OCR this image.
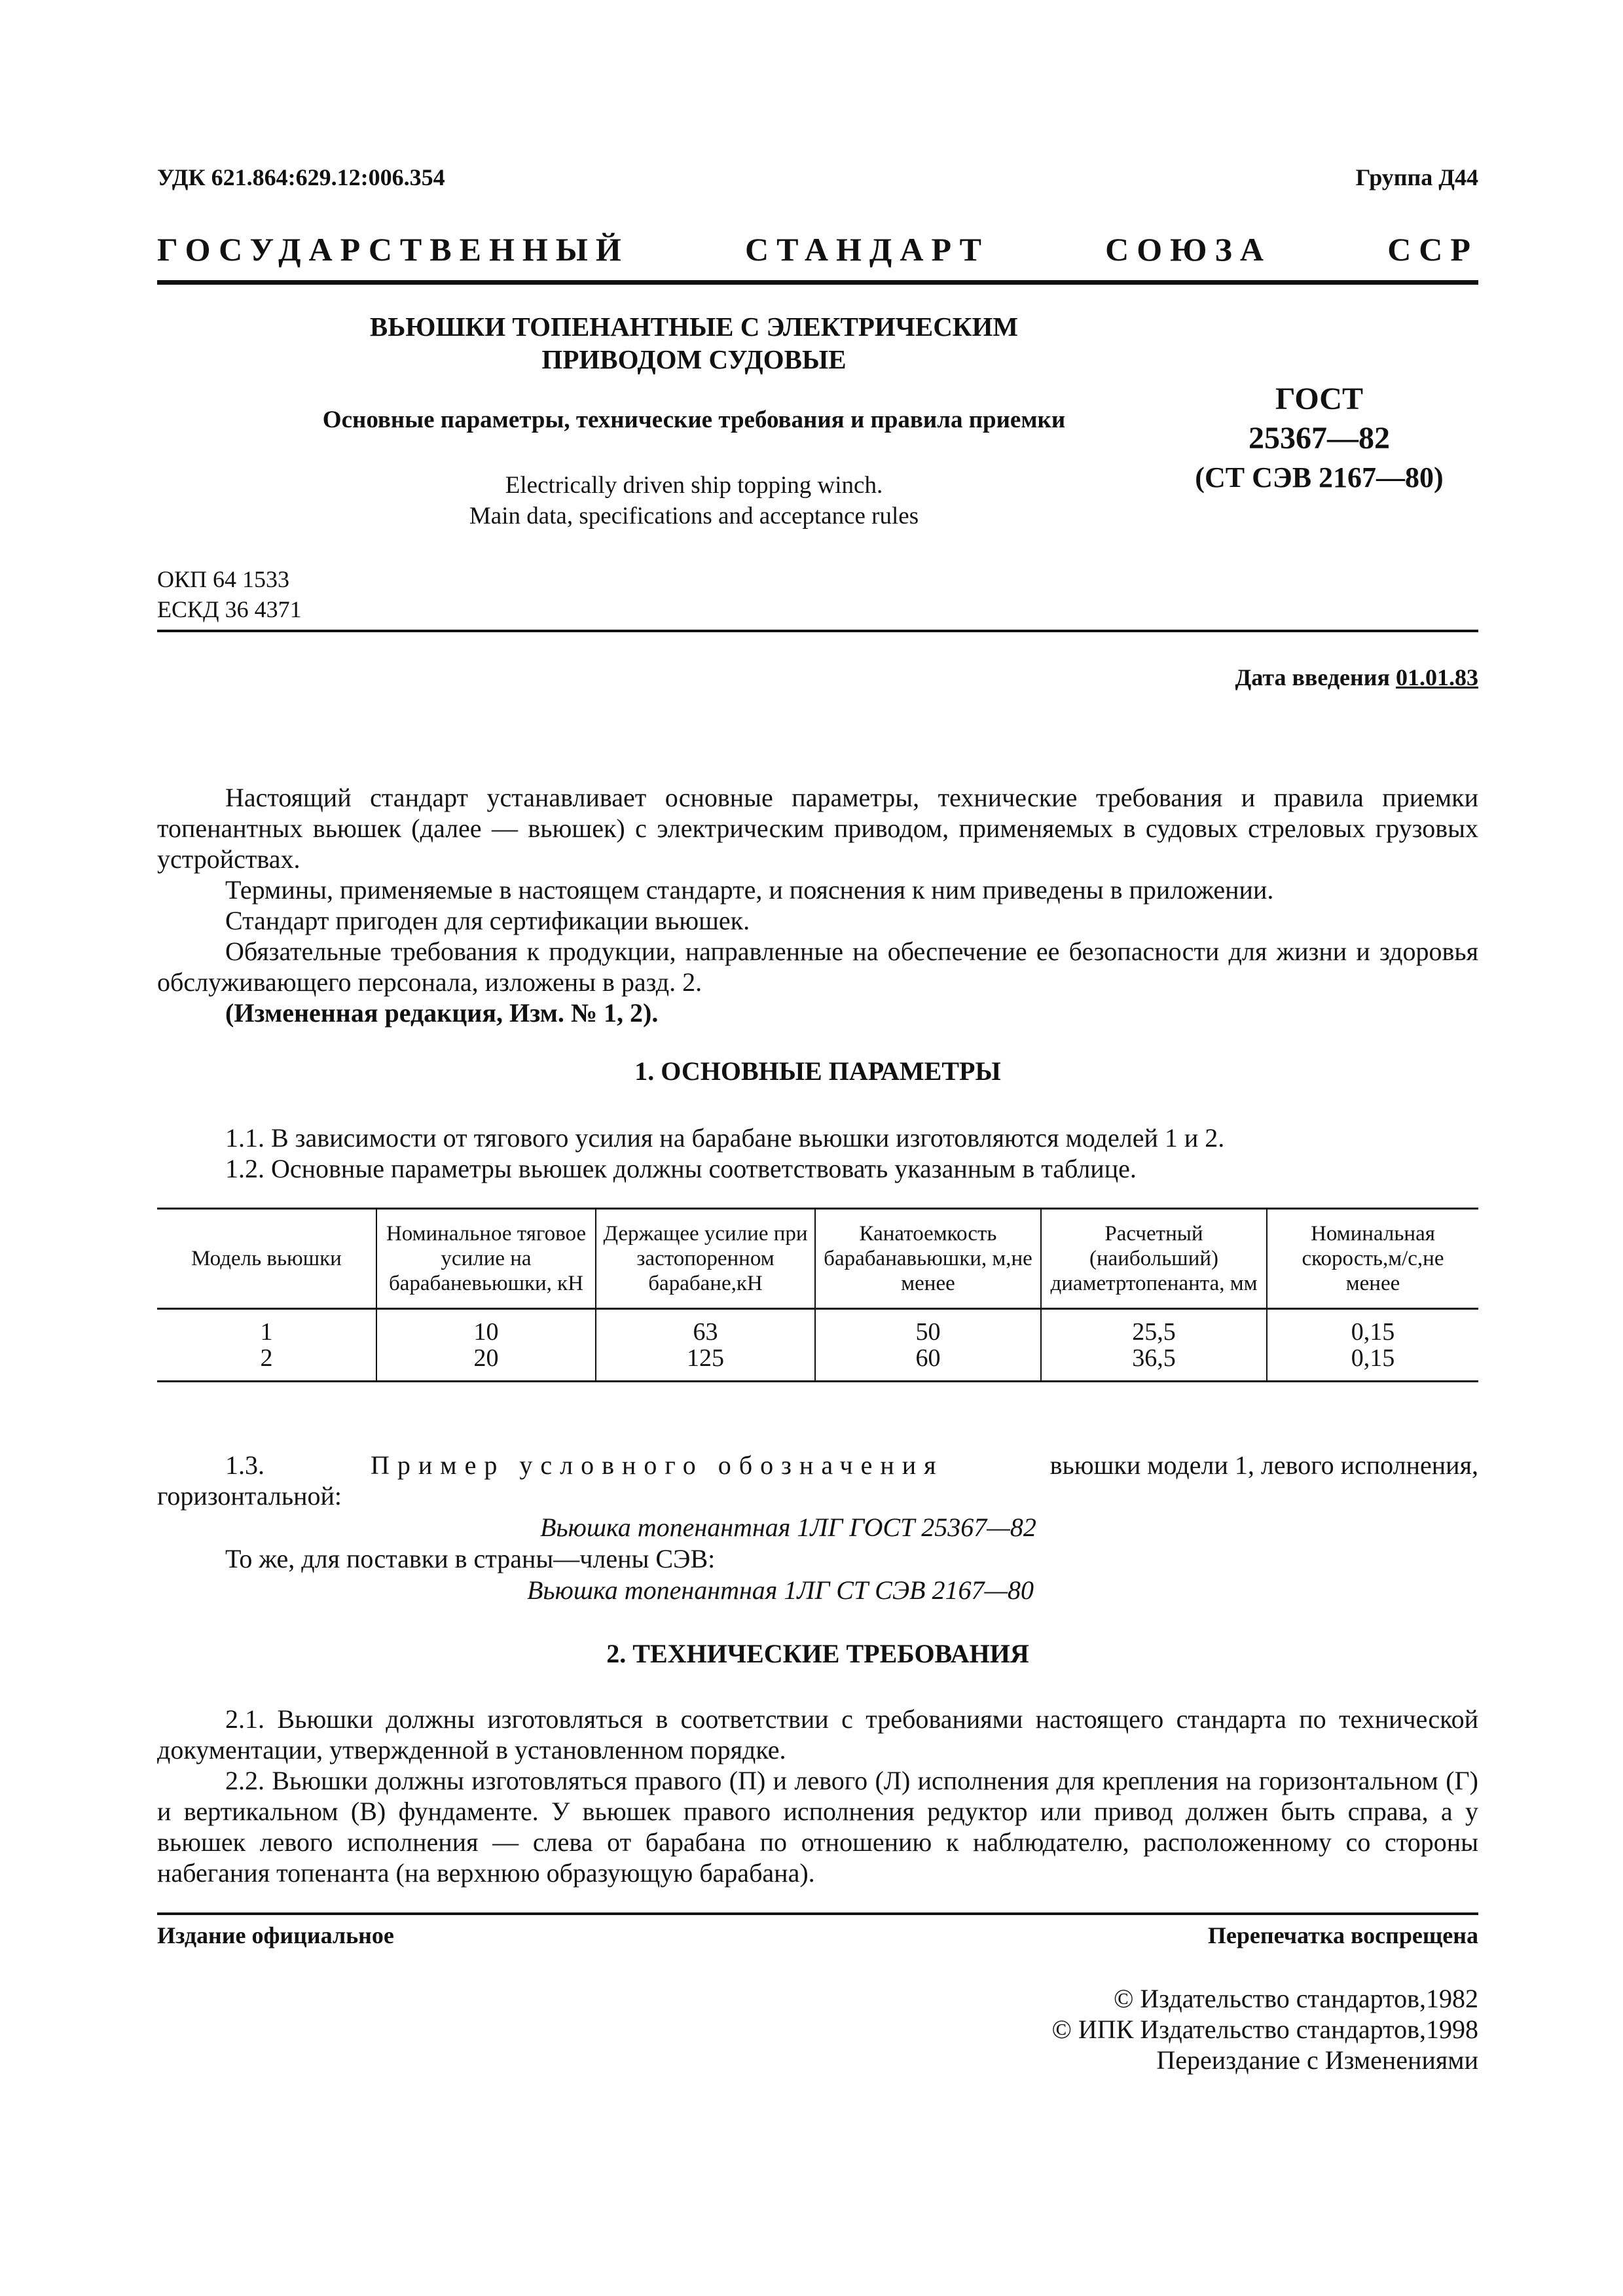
УДК 621.864:629.12:006.354	Группа Д44
ГОСУДАРСТВЕННЫЙ	СТАНДАРТ	СОЮЗА	ССР
ВЬЮШКИ ТОПЕНАНТНЫЕ С ЭЛЕКТРИЧЕСКИМ
ПРИВОДОМ СУДОВЫЕ
Основные параметры, технические требования и правила приемки
Electrically driven ship topping winch.
Main data, specifications and acceptance rules
ГОСТ
25367—82
(СТ СЭВ 2167—80)
ОКП 64 1533
ЕСКД 36 4371
Дата введения 01.01.83

Настоящий стандарт устанавливает основные параметры, технические требования и правила приемки топенантных вьюшек (далее — вьюшек) с электрическим приводом, применяемых в судовых стреловых грузовых устройствах.

Термины, применяемые в настоящем стандарте, и пояснения к ним приведены в приложении.

Стандарт пригоден для сертификации вьюшек.

Обязательные требования к продукции, направленные на обеспечение ее безопасности для жизни и здоровья обслуживающего персонала, изложены в разд. 2.

(Измененная редакция, Изм. № 1, 2).

1. ОСНОВНЫЕ ПАРАМЕТРЫ

1.1. В зависимости от тягового усилия на барабане вьюшки изготовляются моделей 1 и 2.

1.2. Основные параметры вьюшек должны соответствовать указанным в таблице.

Модель вьюшки	Номинальное тяговое усилие на барабаневьюшки, кН	Держащее усилие при застопоренном барабане,кН	Канатоемкость барабанавьюшки, м,не менее	Расчетный (наибольший) диаметртопенанта, мм	Номинальная скорость,м/с,не менее
1	10	63	50	25,5	0,15
2	20	125	60	36,5	0,15
1.3.	Пример условного обозначения	вьюшки модели 1, левого исполнения,
горизонтальной:
Вьюшка топенантная 1ЛГ ГОСТ 25367—82
То же, для поставки в страны—члены СЭВ:
Вьюшка топенантная 1ЛГ СТ СЭВ 2167—80
2. ТЕХНИЧЕСКИЕ ТРЕБОВАНИЯ

2.1. Вьюшки должны изготовляться в соответствии с требованиями настоящего стандарта по технической документации, утвержденной в установленном порядке.

2.2. Вьюшки должны изготовляться правого (П) и левого (Л) исполнения для крепления на горизонтальном (Г) и вертикальном (В) фундаменте. У вьюшек правого исполнения редуктор или привод должен быть справа, а у вьюшек левого исполнения — слева от барабана по отношению к наблюдателю, расположенному со стороны набегания топенанта (на верхнюю образующую барабана).

Издание официальное	Перепечатка воспрещена
© Издательство стандартов,1982
© ИПК Издательство стандартов,1998
Переиздание с Изменениями
